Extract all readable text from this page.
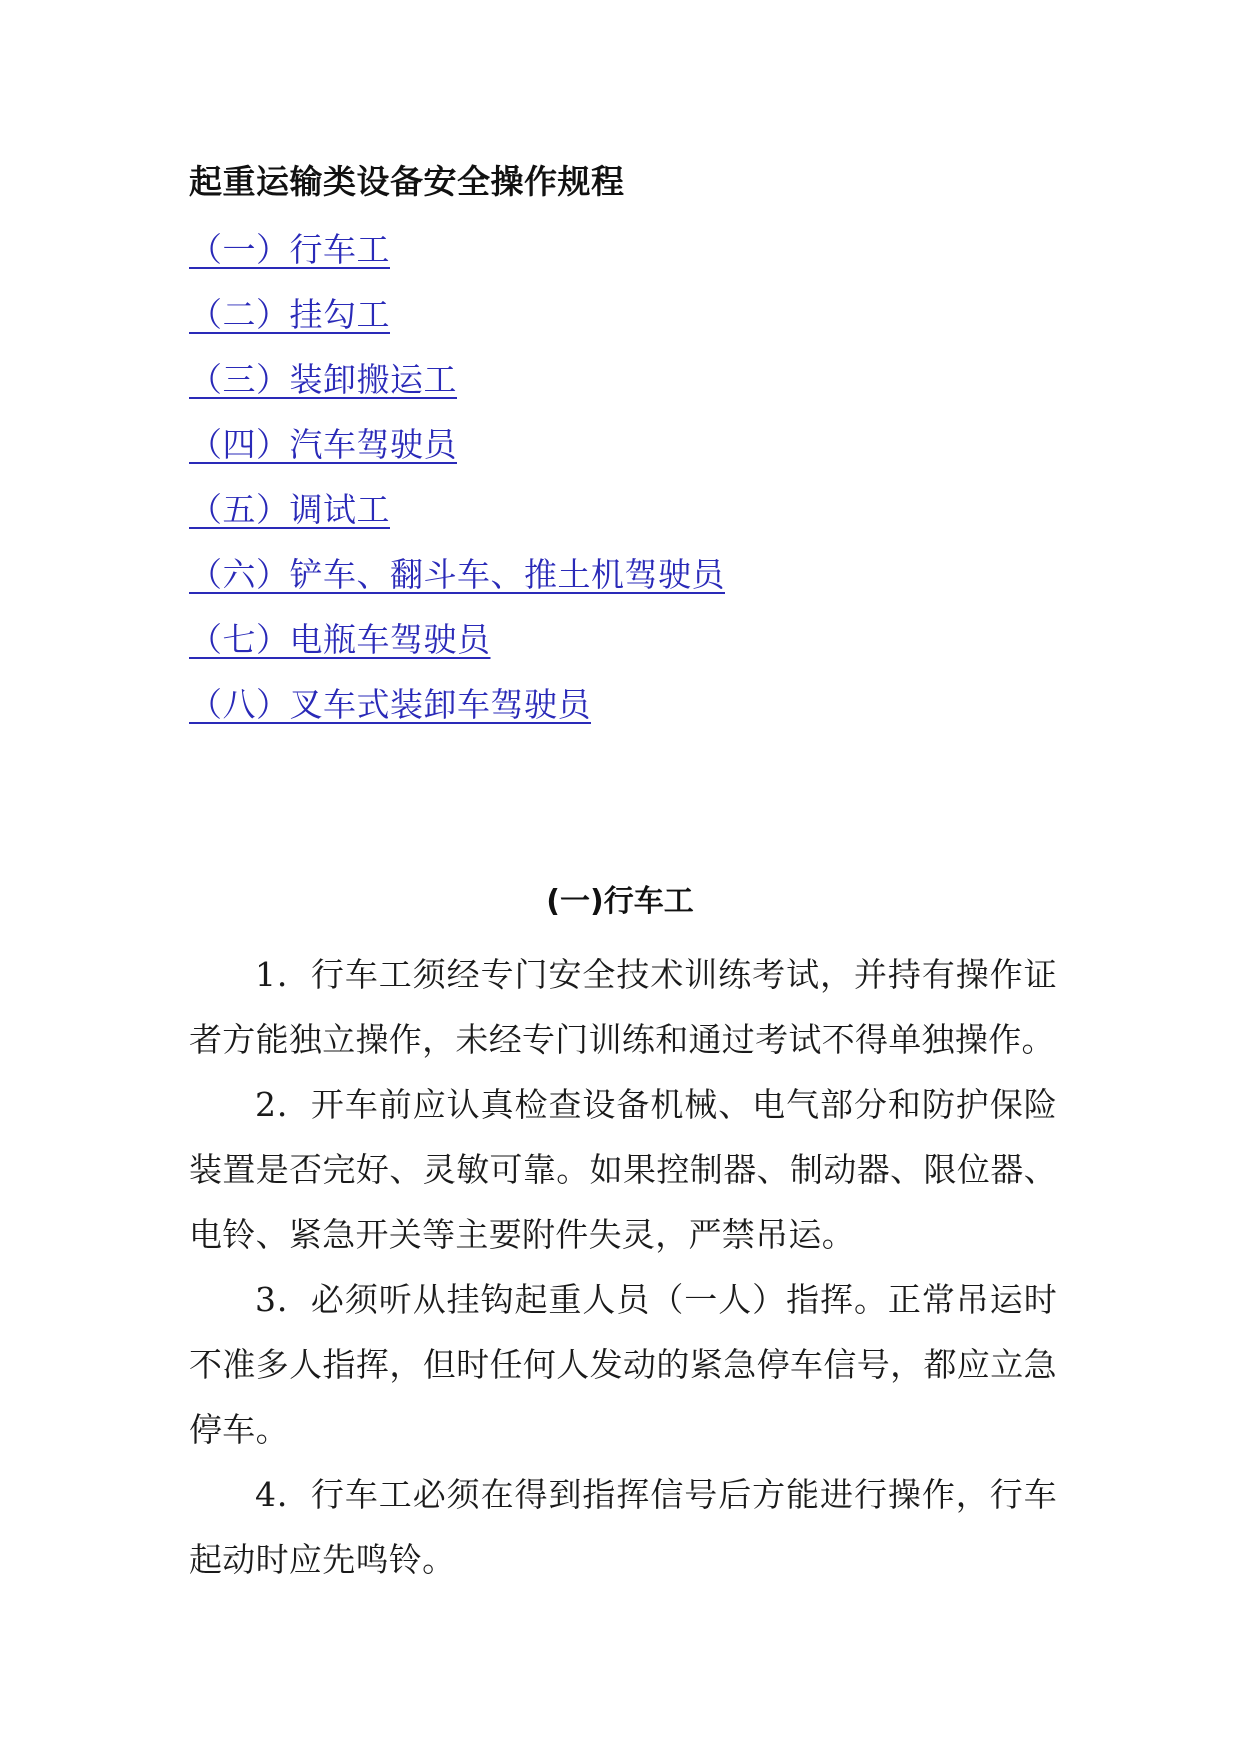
起重运输类设备安全操作规程
（一）行车工
（二）挂勾工
（三）装卸搬运工
（四）汽车驾驶员
（五）调试工
（六）铲车、翻斗车、推土机驾驶员
（七）电瓶车驾驶员
（八）叉车式装卸车驾驶员
(一)行车工

1．行车工须经专门安全技术训练考试，并持有操作证者方能独立操作，未经专门训练和通过考试不得单独操作。

2．开车前应认真检查设备机械、电气部分和防护保险装置是否完好、灵敏可靠。如果控制器、制动器、限位器、电铃、紧急开关等主要附件失灵，严禁吊运。

3．必须听从挂钩起重人员（一人）指挥。正常吊运时不准多人指挥，但时任何人发动的紧急停车信号，都应立急停车。

4．行车工必须在得到指挥信号后方能进行操作，行车起动时应先鸣铃。
